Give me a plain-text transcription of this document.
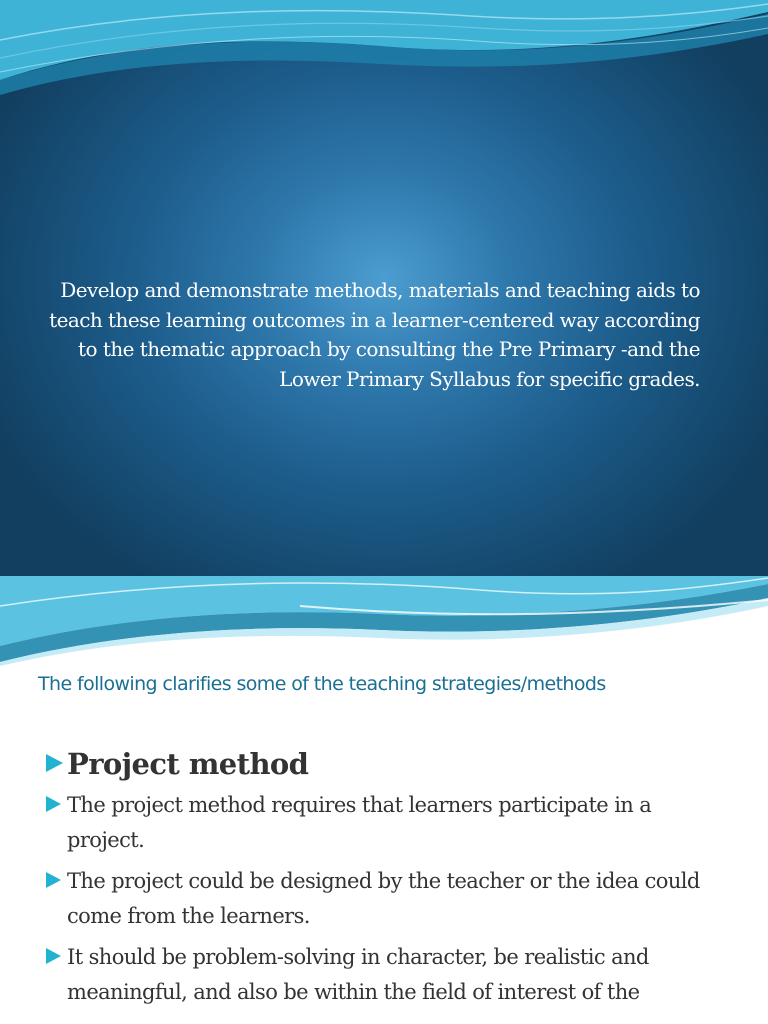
Develop and demonstrate methods, materials and teaching aids to teach these learning outcomes in a learner-centered way according to the thematic approach by consulting the Pre Primary -and the Lower Primary Syllabus for specific grades.
The following clarifies some of the teaching strategies/methods
Project method
The project method requires that learners participate in a project.
The project could be designed by the teacher or the idea could come from the learners.
It should be problem-solving in character, be realistic and meaningful, and also be within the field of interest of the
